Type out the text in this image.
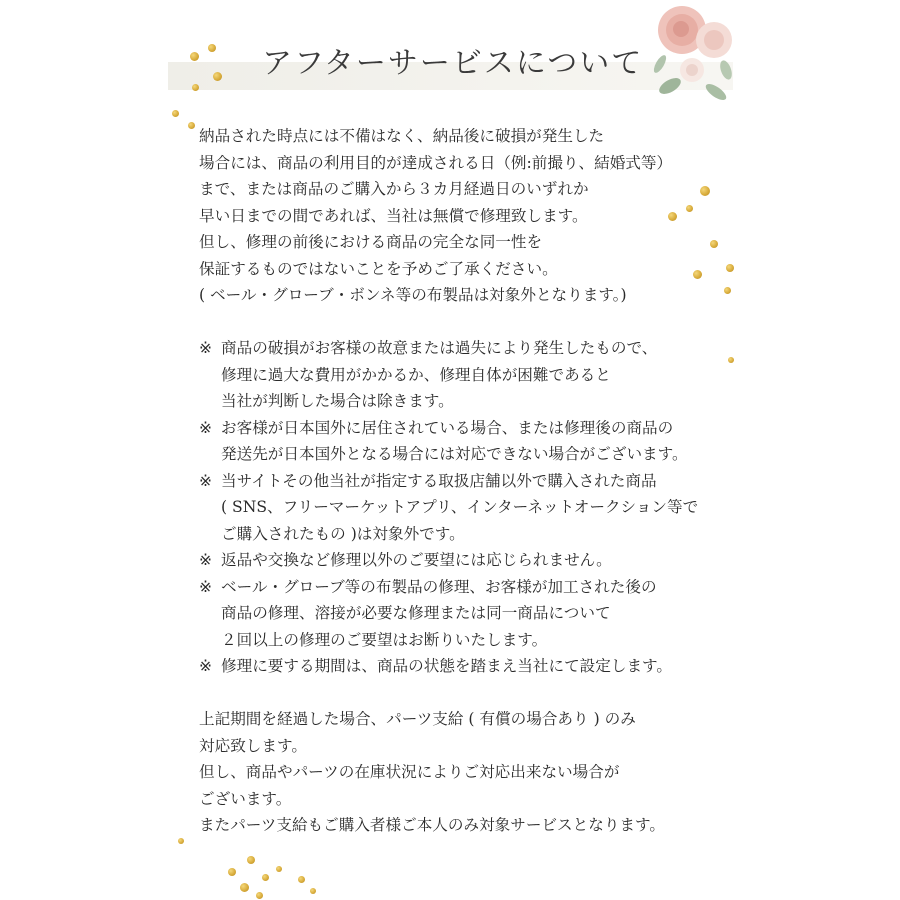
アフターサービスについて
納品された時点には不備はなく、納品後に破損が発生した
場合には、商品の利用目的が達成される日（例:前撮り、結婚式等）
まで、または商品のご購入から３カ月経過日のいずれか
早い日までの間であれば、当社は無償で修理致します。
但し、修理の前後における商品の完全な同一性を
保証するものではないことを予めご了承ください。
( ベール・グローブ・ボンネ等の布製品は対象外となります。)
※ 商品の破損がお客様の故意または過失により発生したもので、
修理に過大な費用がかかるか、修理自体が困難であると
当社が判断した場合は除きます。
※ お客様が日本国外に居住されている場合、または修理後の商品の
発送先が日本国外となる場合には対応できない場合がございます。
※ 当サイトその他当社が指定する取扱店舗以外で購入された商品
( SNS、フリーマーケットアプリ、インターネットオークション等で
ご購入されたもの )は対象外です。
※ 返品や交換など修理以外のご要望には応じられません。
※ ベール・グローブ等の布製品の修理、お客様が加工された後の
商品の修理、溶接が必要な修理または同一商品について
２回以上の修理のご要望はお断りいたします。
※ 修理に要する期間は、商品の状態を踏まえ当社にて設定します。
上記期間を経過した場合、パーツ支給 ( 有償の場合あり ) のみ
対応致します。
但し、商品やパーツの在庫状況によりご対応出来ない場合が
ございます。
またパーツ支給もご購入者様ご本人のみ対象サービスとなります。
